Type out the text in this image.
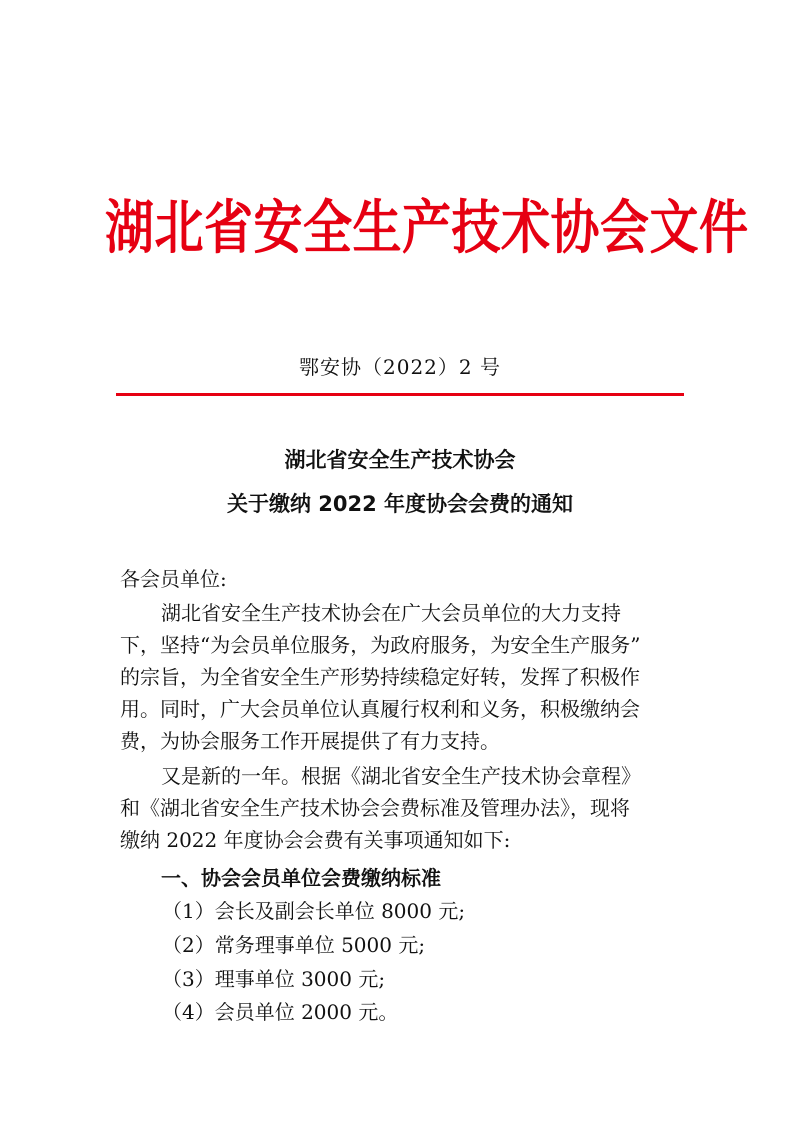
湖北省安全生产技术协会文件
鄂安协（2022）2 号
湖北省安全生产技术协会
关于缴纳 2022 年度协会会费的通知
各会员单位:
湖北省安全生产技术协会在广大会员单位的大力支持
下，坚持“为会员单位服务，为政府服务，为安全生产服务”
的宗旨，为全省安全生产形势持续稳定好转，发挥了积极作
用。同时，广大会员单位认真履行权利和义务，积极缴纳会
费，为协会服务工作开展提供了有力支持。
又是新的一年。根据《湖北省安全生产技术协会章程》
和《湖北省安全生产技术协会会费标准及管理办法》，现将
缴纳 2022 年度协会会费有关事项通知如下:
一、协会会员单位会费缴纳标准
（1）会长及副会长单位 8000 元;
（2）常务理事单位 5000 元;
（3）理事单位 3000 元;
（4）会员单位 2000 元。
